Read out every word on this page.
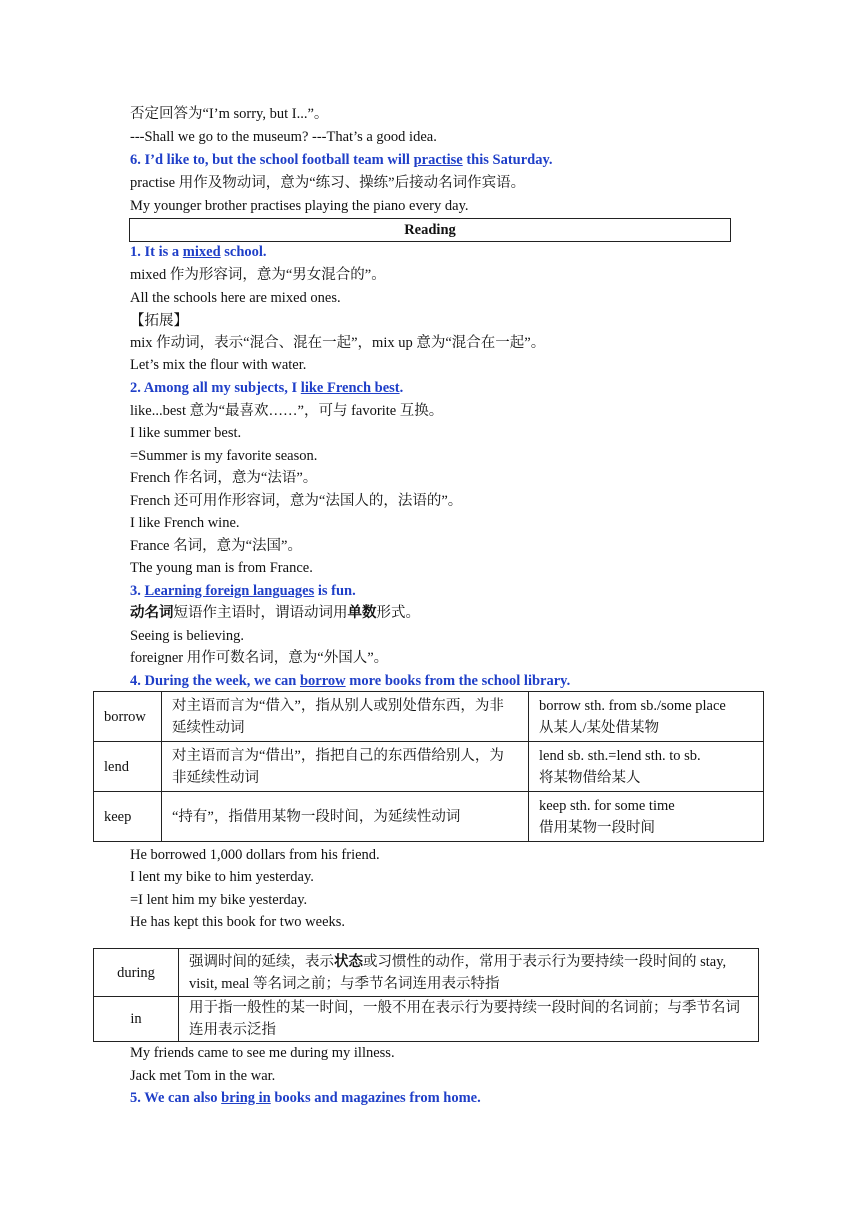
否定回答为“I’m sorry, but I...”。
---Shall we go to the museum? ---That’s a good idea.
6. I’d like to, but the school football team will practise this Saturday.
practise 用作及物动词，意为“练习、操练”后接动名词作宾语。
My younger brother practises playing the piano every day.
Reading
1. It is a mixed school.
mixed 作为形容词，意为“男女混合的”。
All the schools here are mixed ones.
【拓展】
mix 作动词，表示“混合、混在一起”，mix up 意为“混合在一起”。
Let’s mix the flour with water.
2. Among all my subjects, I like French best.
like...best 意为“最喜欢……”，可与 favorite 互换。
I like summer best.
=Summer is my favorite season.
French 作名词，意为“法语”。
French 还可用作形容词，意为“法国人的，法语的”。
I like French wine.
France 名词，意为“法国”。
The young man is from France.
3. Learning foreign languages is fun.
动名词短语作主语时，谓语动词用单数形式。
Seeing is believing.
foreigner 用作可数名词，意为“外国人”。
4. During the week, we can borrow more books from the school library.
borrow	对主语而言为“借入”，指从别人或别处借东西，为非延续性动词	borrow sth. from sb./some place
从某人/某处借某物

lend	对主语而言为“借出”，指把自己的东西借给别人，为非延续性动词	lend sb. sth.=lend sth. to sb.
将某物借给某人

keep	“持有”，指借用某物一段时间，为延续性动词	keep sth. for some time
借用某物一段时间
He borrowed 1,000 dollars from his friend.
I lent my bike to him yesterday.
=I lent him my bike yesterday.
He has kept this book for two weeks.
during	强调时间的延续，表示状态或习惯性的动作，常用于表示行为要持续一段时间的 stay, visit, meal 等名词之前；与季节名词连用表示特指
in	用于指一般性的某一时间，一般不用在表示行为要持续一段时间的名词前；与季节名词连用表示泛指
My friends came to see me during my illness.
Jack met Tom in the war.
5. We can also bring in books and magazines from home.
